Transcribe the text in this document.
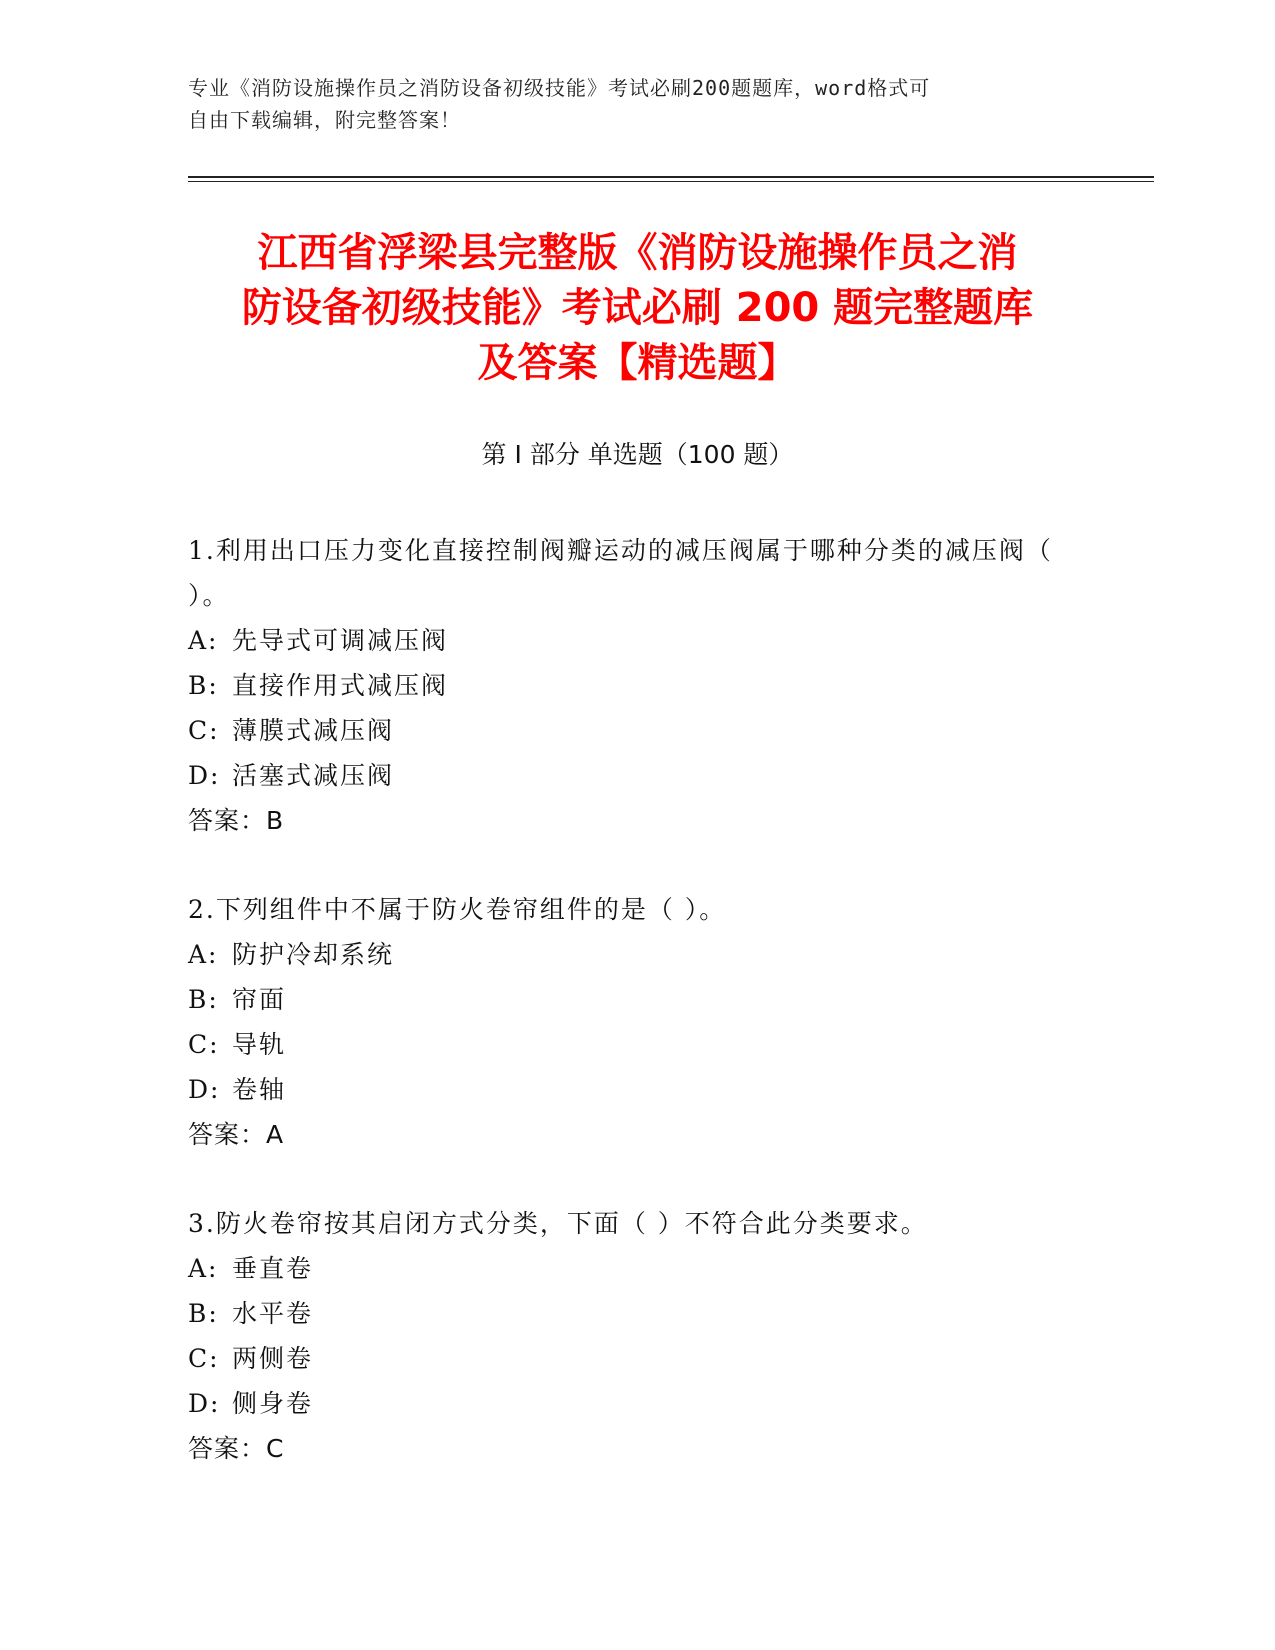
专业《消防设施操作员之消防设备初级技能》考试必刷200题题库，word格式可
自由下载编辑，附完整答案！
江西省浮梁县完整版《消防设施操作员之消
防设备初级技能》考试必刷 200 题完整题库
及答案【精选题】
第 I 部分 单选题（100 题）

1.利用出口压力变化直接控制阀瓣运动的减压阀属于哪种分类的减压阀（ ）。

A: 先导式可调减压阀

B: 直接作用式减压阀

C: 薄膜式减压阀

D: 活塞式减压阀

答案：B

2.下列组件中不属于防火卷帘组件的是（ ）。

A: 防护冷却系统

B: 帘面

C: 导轨

D: 卷轴

答案：A

3.防火卷帘按其启闭方式分类，下面（ ）不符合此分类要求。

A: 垂直卷

B: 水平卷

C: 两侧卷

D: 侧身卷

答案：C
